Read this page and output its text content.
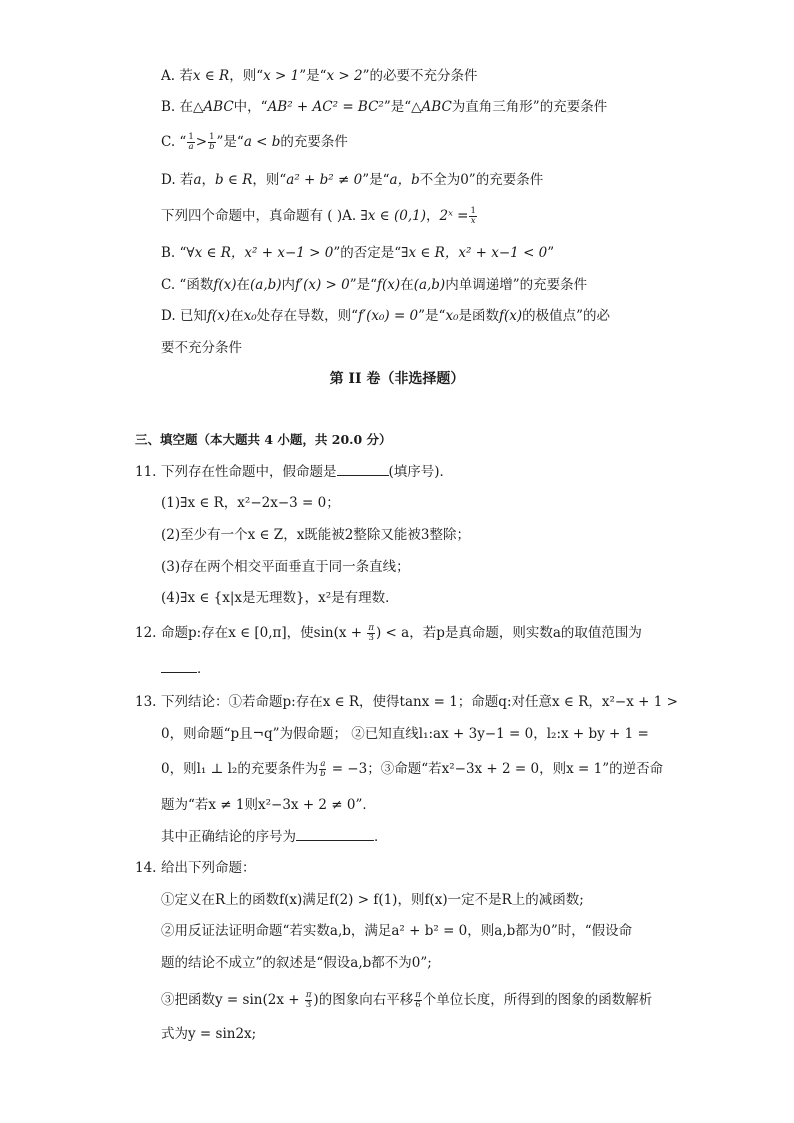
A. 若x ∈ R，则“x > 1”是“x > 2”的必要不充分条件
B. 在△ABC中，“AB² + AC² = BC²”是“△ABC为直角三角形”的充要条件
C. “ $\frac{1}{a} > \frac{1}{b}$ ”是“a < b的充要条件
D. 若a，b ∈ R，则“a² + b² ≠ 0”是“a，b不全为0”的充要条件
下列四个命题中，真命题有 ( )A. ∃x ∈ (0,1)，2ˣ = $\frac{1}{x}$
B. “∀x ∈ R，x² + x−1 > 0”的否定是“∃x ∈ R，x² + x−1 < 0”
C. “函数f(x)在(a,b)内f′(x) > 0”是“f(x)在(a,b)内单调递增”的充要条件
D. 已知f(x)在x₀处存在导数，则“f′(x₀) = 0”是“x₀是函数f(x)的极值点”的必
要不充分条件
第 II 卷（非选择题）
三、填空题（本大题共 4 小题，共 20.0 分）
11. 下列存在性命题中，假命题是	(填序号)．
(1)∃x ∈ R，x²−2x−3 = 0；
(2)至少有一个x ∈ Z，x既能被2整除又能被3整除；
(3)存在两个相交平面垂直于同一条直线；
(4)∃x ∈ {x|x是无理数}，x²是有理数．
12. 命题p:存在x ∈ [0,π]，使$\sin(x + \frac{\pi}{3}$ ) < a，若p是真命题，则实数a的取值范围为
．
13. 下列结论：①若命题p:存在x ∈ R，使得tanx = 1；命题q:对任意x ∈ R，x²−x + 1 >
0，则命题“p且¬q”为假命题； ②已知直线l₁:ax + 3y−1 = 0，l₂:x + by + 1 =
0，则l₁ ⊥ l₂的充要条件为 $\frac{a}{b} = -3$；③命题“若x²−3x + 2 = 0，则x = 1”的逆否命
题为“若x ≠ 1则x²−3x + 2 ≠ 0”．
其中正确结论的序号为	．
14. 给出下列命题：
①定义在R上的函数f(x)满足f(2) > f(1)，则f(x)一定不是R上的减函数;
②用反证法证明命题“若实数a,b，满足a² + b² = 0，则a,b都为0”时，“假设命
题的结论不成立”的叙述是“假设a,b都不为0”;
③把函数$y = \sin(2x + \frac{\pi}{3}$ )的图象向右平移 $\frac{\pi}{6}$ 个单位长度，所得到的图象的函数解析
式为y = sin2x;
